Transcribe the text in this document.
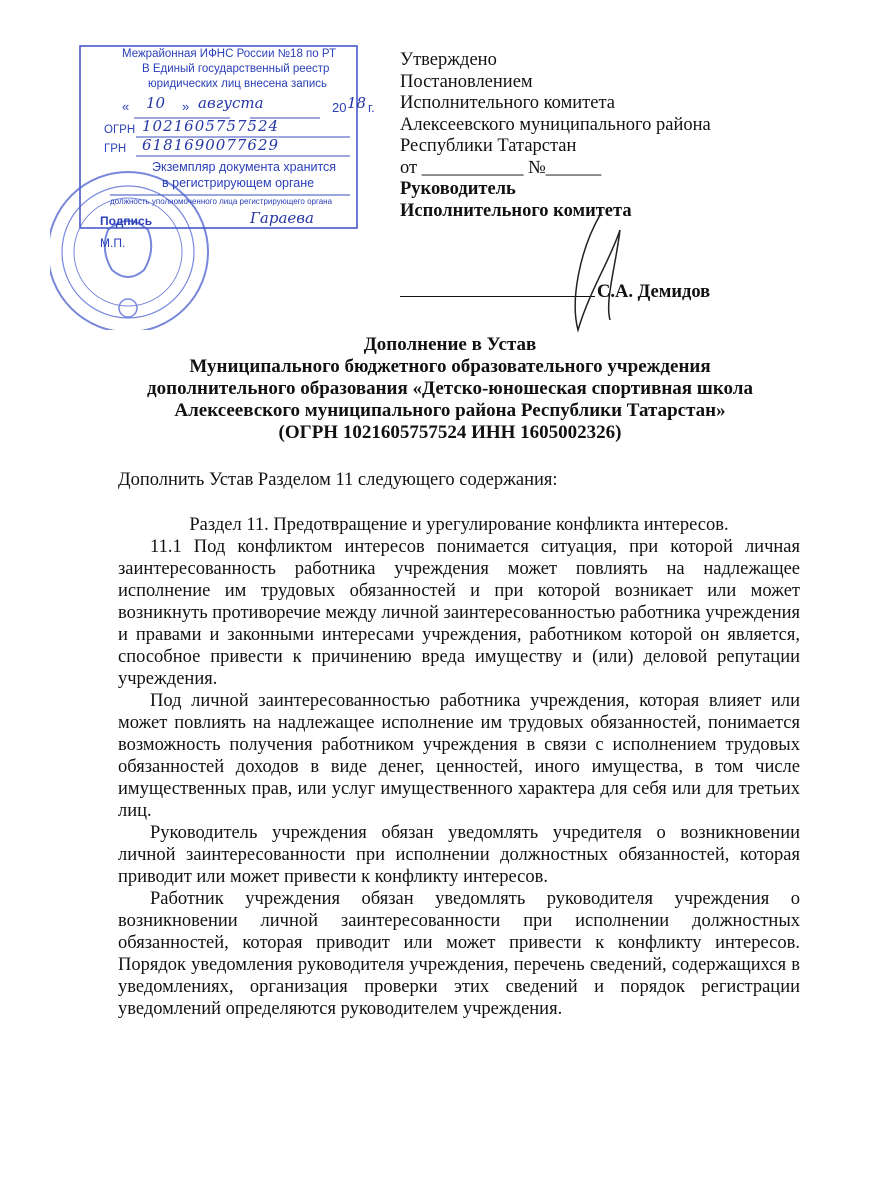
Межрайонная ИФНС России №18 по РТ
В Единый государственный реестр
юридических лиц внесена запись
« 10 » августа	20 18 г.
ОГРН 1021605757524
ГРН 6181690077629
Экземпляр документа хранится
в регистрирующем органе
должность уполномоченного лица регистрирующего органа
Подпись	Гараева
М.П.
Утверждено
Постановлением
Исполнительного комитета
Алексеевского муниципального района
Республики Татарстан
от ___________ №______
Руководитель
Исполнительного комитета
С.А. Демидов
Дополнение в Устав
Муниципального бюджетного образовательного учреждения
дополнительного образования «Детско-юношеская спортивная школа
Алексеевского муниципального района Республики Татарстан»
(ОГРН 1021605757524 ИНН 1605002326)
Дополнить Устав Разделом 11 следующего содержания:

Раздел 11. Предотвращение и урегулирование конфликта интересов.

11.1 Под конфликтом интересов понимается ситуация, при которой личная заинтересованность работника учреждения может повлиять на надлежащее исполнение им трудовых обязанностей и при которой возникает или может возникнуть противоречие между личной заинтересованностью работника учреждения и правами и законными интересами учреждения, работником которой он является, способное привести к причинению вреда имуществу и (или) деловой репутации учреждения.

Под личной заинтересованностью работника учреждения, которая влияет или может повлиять на надлежащее исполнение им трудовых обязанностей, понимается возможность получения работником учреждения в связи с исполнением трудовых обязанностей доходов в виде денег, ценностей, иного имущества, в том числе имущественных прав, или услуг имущественного характера для себя или для третьих лиц.

Руководитель учреждения обязан уведомлять учредителя о возникновении личной заинтересованности при исполнении должностных обязанностей, которая приводит или может привести к конфликту интересов.

Работник учреждения обязан уведомлять руководителя учреждения о возникновении личной заинтересованности при исполнении должностных обязанностей, которая приводит или может привести к конфликту интересов. Порядок уведомления руководителя учреждения, перечень сведений, содержащихся в уведомлениях, организация проверки этих сведений и порядок регистрации уведомлений определяются руководителем учреждения.
